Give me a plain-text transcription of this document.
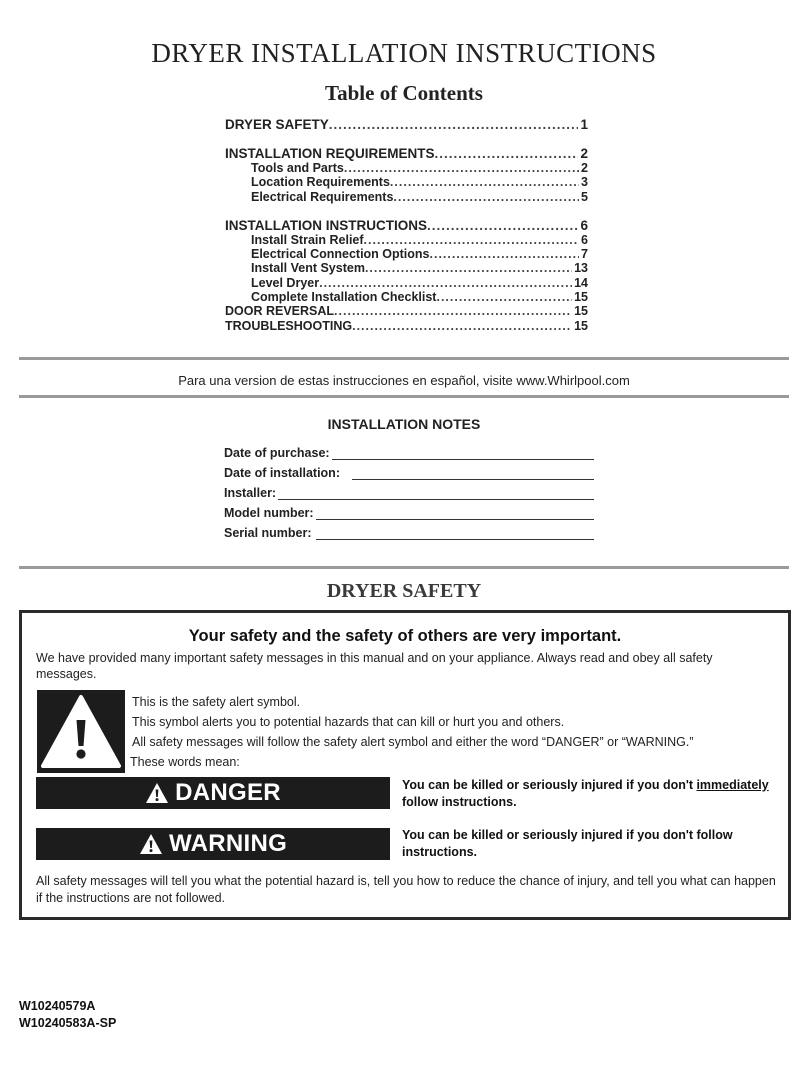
DRYER INSTALLATION INSTRUCTIONS
Table of Contents
DRYER SAFETY .....	1
INSTALLATION REQUIREMENTS .....	2
Tools and Parts .....	2
Location Requirements .....	3
Electrical Requirements .....	5
INSTALLATION INSTRUCTIONS .....	6
Install Strain Relief .....	6
Electrical Connection Options .....	7
Install Vent System .....	13
Level Dryer .....	14
Complete Installation Checklist .....	15
DOOR REVERSAL .....	15
TROUBLESHOOTING .....	15
Para una version de estas instrucciones en español, visite www.Whirlpool.com
INSTALLATION NOTES
Date of purchase:
Date of installation:
Installer:
Model number:
Serial number:
DRYER SAFETY
Your safety and the safety of others are very important.
We have provided many important safety messages in this manual and on your appliance. Always read and obey all safety messages.
This is the safety alert symbol.
This symbol alerts you to potential hazards that can kill or hurt you and others.
All safety messages will follow the safety alert symbol and either the word “DANGER” or “WARNING.”
These words mean:
DANGER	You can be killed or seriously injured if you don't immediately
follow instructions.
WARNING	You can be killed or seriously injured if you don't follow instructions.
All safety messages will tell you what the potential hazard is, tell you how to reduce the chance of injury, and tell you what can happen if the instructions are not followed.
W10240579A
W10240583A-SP
